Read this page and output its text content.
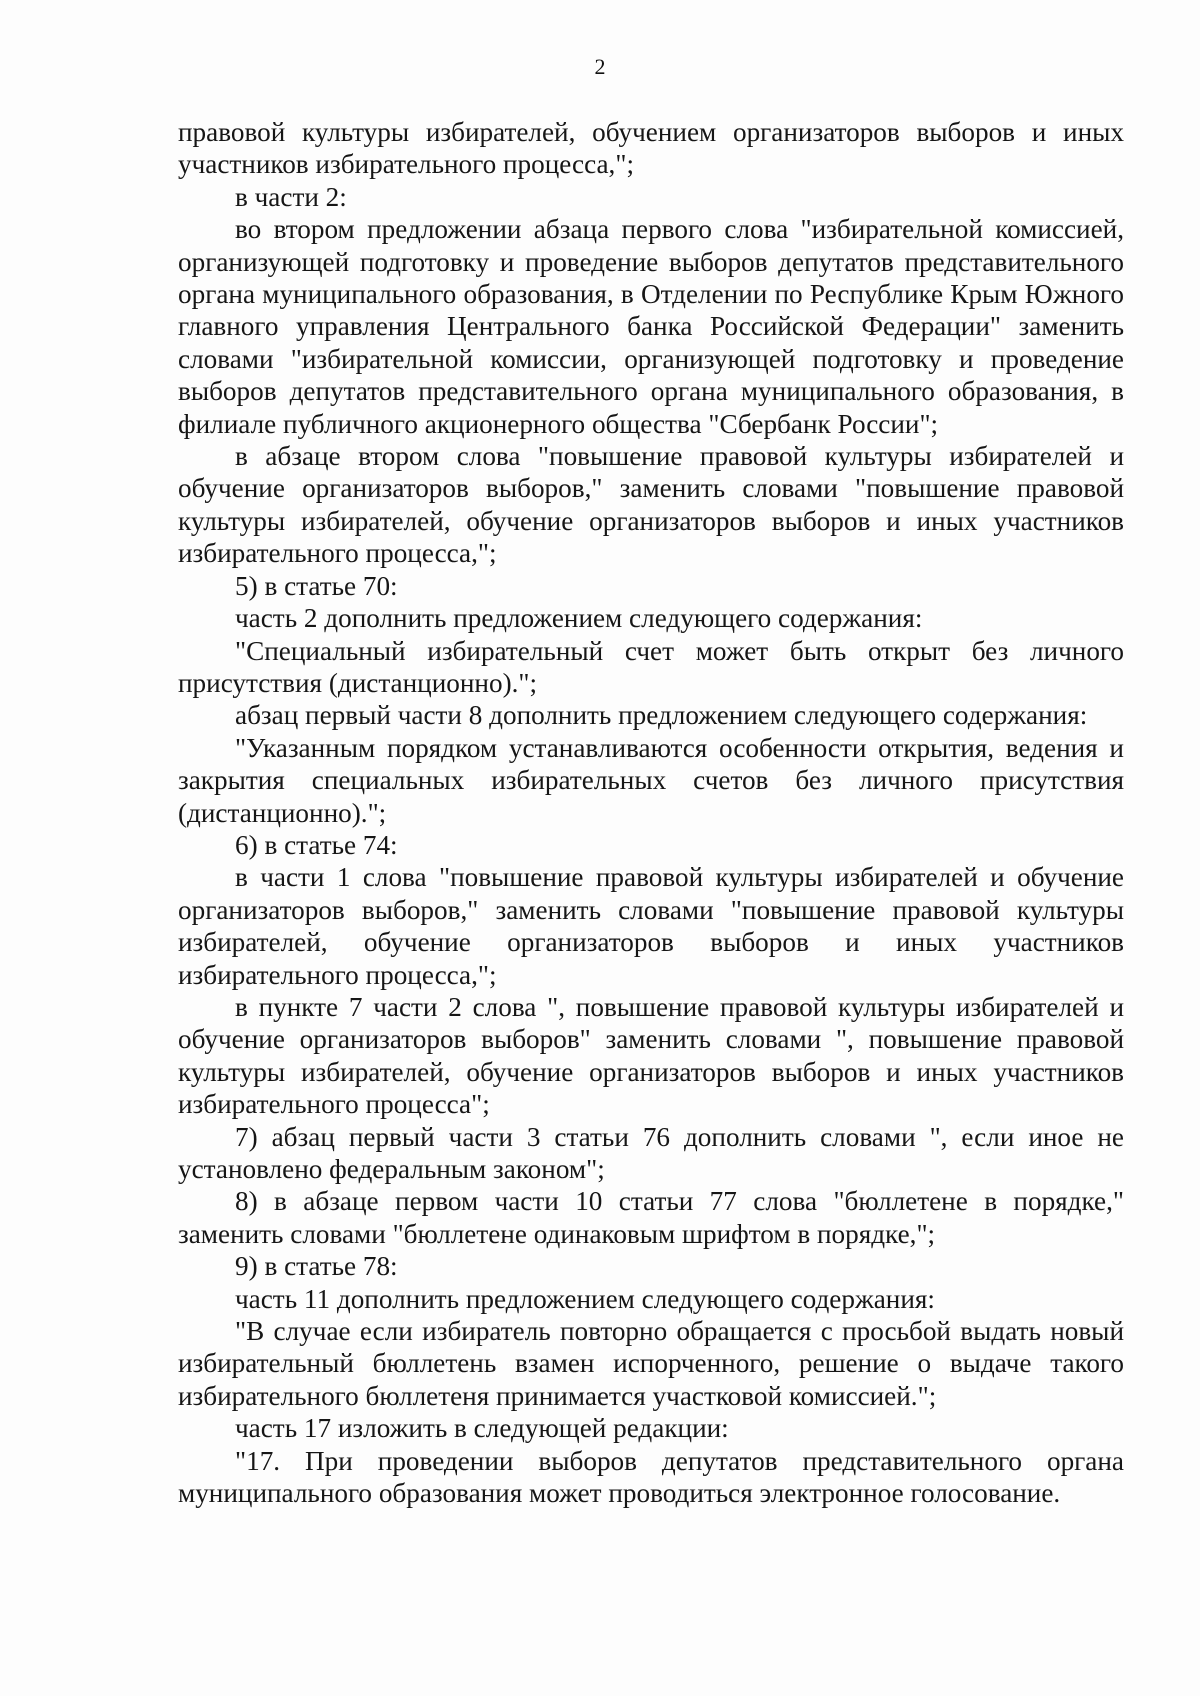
2

правовой культуры избирателей, обучением организаторов выборов и иных участников избирательного процесса,";

в части 2:

во втором предложении абзаца первого слова "избирательной комиссией, организующей подготовку и проведение выборов депутатов представительного органа муниципального образования, в Отделении по Республике Крым Южного главного управления Центрального банка Российской Федерации" заменить словами "избирательной комиссии, организующей подготовку и проведение выборов депутатов представительного органа муниципального образования, в филиале публичного акционерного общества "Сбербанк России";

в абзаце втором слова "повышение правовой культуры избирателей и обучение организаторов выборов," заменить словами "повышение правовой культуры избирателей, обучение организаторов выборов и иных участников избирательного процесса,";

5) в статье 70:

часть 2 дополнить предложением следующего содержания:

"Специальный избирательный счет может быть открыт без личного присутствия (дистанционно).";

абзац первый части 8 дополнить предложением следующего содержания:

"Указанным порядком устанавливаются особенности открытия, ведения и закрытия специальных избирательных счетов без личного присутствия (дистанционно).";

6) в статье 74:

в части 1 слова "повышение правовой культуры избирателей и обучение организаторов выборов," заменить словами "повышение правовой культуры избирателей, обучение организаторов выборов и иных участников избирательного процесса,";

в пункте 7 части 2 слова ", повышение правовой культуры избирателей и обучение организаторов выборов" заменить словами ", повышение правовой культуры избирателей, обучение организаторов выборов и иных участников избирательного процесса";

7) абзац первый части 3 статьи 76 дополнить словами ", если иное не установлено федеральным законом";

8) в абзаце первом части 10 статьи 77 слова "бюллетене в порядке," заменить словами "бюллетене одинаковым шрифтом в порядке,";

9) в статье 78:

часть 11 дополнить предложением следующего содержания:

"В случае если избиратель повторно обращается с просьбой выдать новый избирательный бюллетень взамен испорченного, решение о выдаче такого избирательного бюллетеня принимается участковой комиссией.";

часть 17 изложить в следующей редакции:

"17. При проведении выборов депутатов представительного органа муниципального образования может проводиться электронное голосование.
